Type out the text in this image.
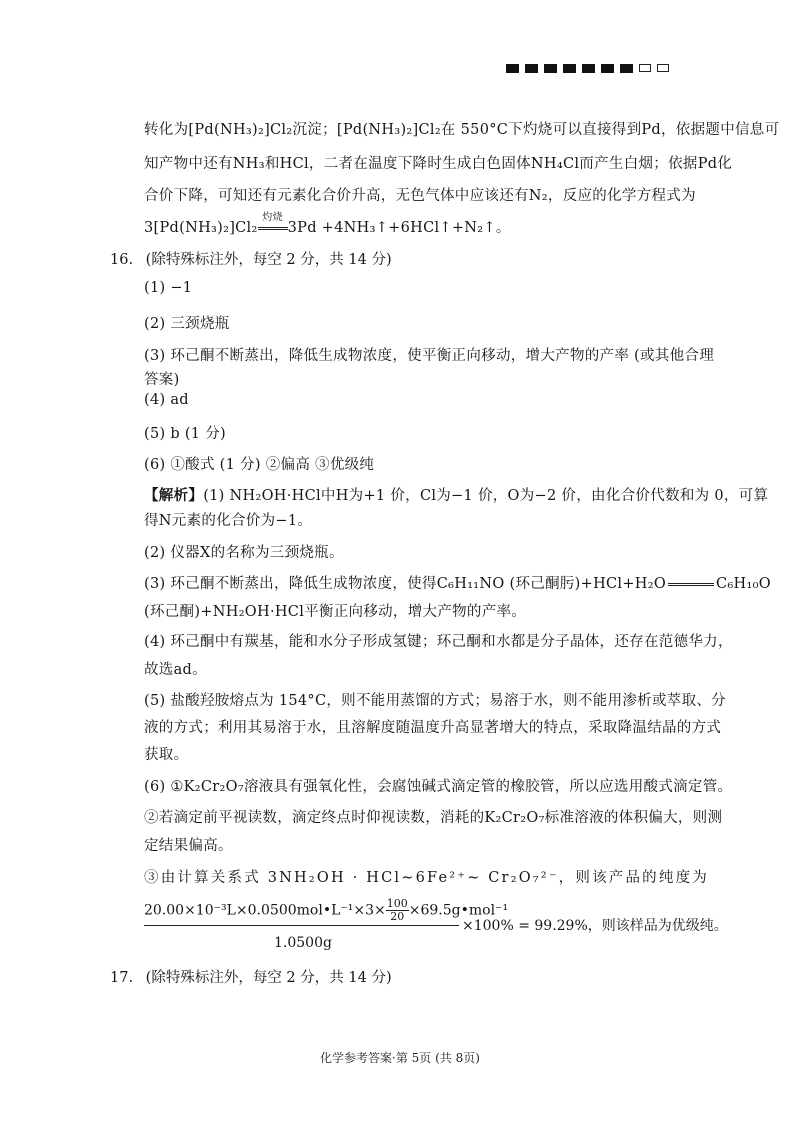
转化为[Pd(NH₃)₂]Cl₂沉淀；[Pd(NH₃)₂]Cl₂在 550°C下灼烧可以直接得到Pd，依据题中信息可
知产物中还有NH₃和HCl，二者在温度下降时生成白色固体NH₄Cl而产生白烟；依据Pd化
合价下降，可知还有元素化合价升高，无色气体中应该还有N₂，反应的化学方程式为
3[Pd(NH₃)₂]Cl₂
灼烧
3Pd +4NH₃↑+6HCl↑+N₂↑。
16. (除特殊标注外，每空 2 分，共 14 分)
(1) −1
(2) 三颈烧瓶
(3) 环己酮不断蒸出，降低生成物浓度，使平衡正向移动，增大产物的产率 (或其他合理
答案)
(4) ad
(5) b (1 分)
(6) ①酸式 (1 分) ②偏高 ③优级纯
【解析】(1) NH₂OH·HCl中H为+1 价，Cl为−1 价，O为−2 价，由化合价代数和为 0，可算
得N元素的化合价为−1。
(2) 仪器X的名称为三颈烧瓶。
(3) 环己酮不断蒸出，降低生成物浓度，使得C₆H₁₁NO (环己酮肟)+HCl+H₂O	C₆H₁₀O
(环己酮)+NH₂OH·HCl平衡正向移动，增大产物的产率。
(4) 环己酮中有羰基，能和水分子形成氢键；环己酮和水都是分子晶体，还存在范德华力，
故选ad。
(5) 盐酸羟胺熔点为 154°C，则不能用蒸馏的方式；易溶于水，则不能用渗析或萃取、分
液的方式；利用其易溶于水，且溶解度随温度升高显著增大的特点，采取降温结晶的方式
获取。
(6) ①K₂Cr₂O₇溶液具有强氧化性，会腐蚀碱式滴定管的橡胶管，所以应选用酸式滴定管。
②若滴定前平视读数，滴定终点时仰视读数，消耗的K₂Cr₂O₇标准溶液的体积偏大，则测
定结果偏高。
③由计算关系式 3NH₂OH · HCl∼6Fe²⁺∼ Cr₂O₇²⁻，则该产品的纯度为
20.00×10⁻³L×0.0500mol•L⁻¹×3× $\frac{100}{20}\times 69.5g•mol^{-1}$
×100% = 99.29%，则该样品为优级纯。
1.0500g
17. (除特殊标注外，每空 2 分，共 14 分)
化学参考答案·第 5页 (共 8页)
